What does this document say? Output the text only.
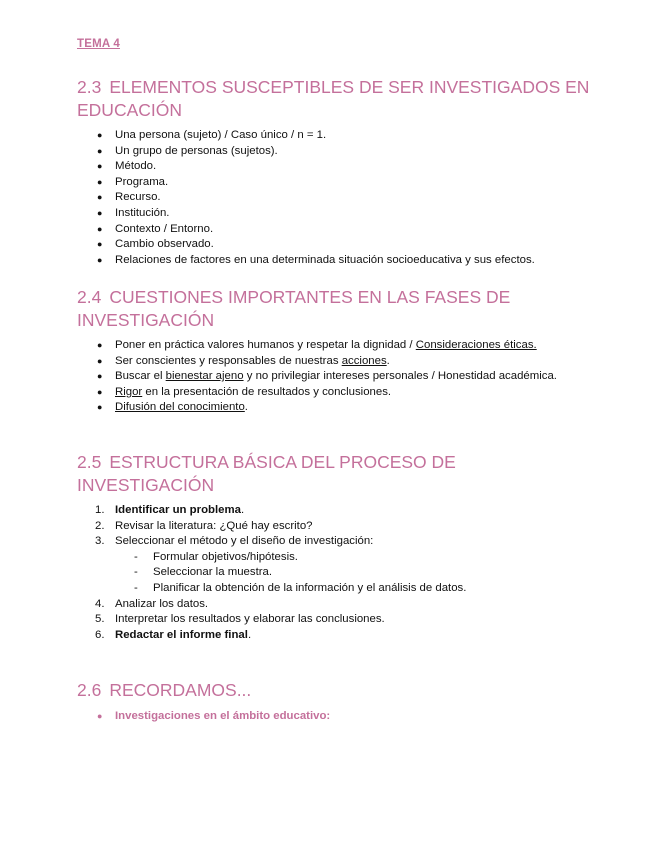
TEMA 4
2.3 ELEMENTOS SUSCEPTIBLES DE SER INVESTIGADOS EN EDUCACIÓN
● Una persona (sujeto) / Caso único / n = 1.
● Un grupo de personas (sujetos).
● Método.
● Programa.
● Recurso.
● Institución.
● Contexto / Entorno.
● Cambio observado.
● Relaciones de factores en una determinada situación socioeducativa y sus efectos.
2.4 CUESTIONES IMPORTANTES EN LAS FASES DE INVESTIGACIÓN
● Poner en práctica valores humanos y respetar la dignidad / Consideraciones éticas.
● Ser conscientes y responsables de nuestras acciones.
● Buscar el bienestar ajeno y no privilegiar intereses personales / Honestidad académica.
● Rigor en la presentación de resultados y conclusiones.
● Difusión del conocimiento.
2.5 ESTRUCTURA BÁSICA DEL PROCESO DE INVESTIGACIÓN
1. Identificar un problema.
2. Revisar la literatura: ¿Qué hay escrito?
3. Seleccionar el método y el diseño de investigación:
- Formular objetivos/hipótesis.
- Seleccionar la muestra.
- Planificar la obtención de la información y el análisis de datos.
4. Analizar los datos.
5. Interpretar los resultados y elaborar las conclusiones.
6. Redactar el informe final.
2.6 RECORDAMOS...
● Investigaciones en el ámbito educativo:
